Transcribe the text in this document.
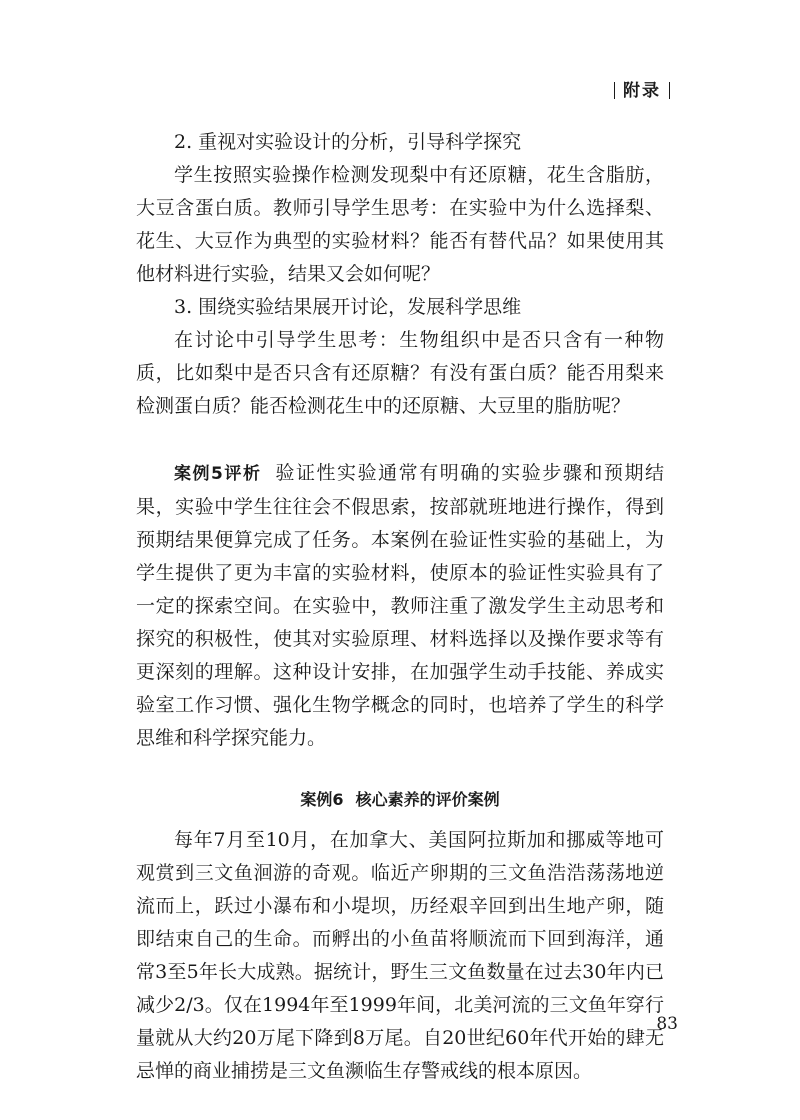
附录

2. 重视对实验设计的分析，引导科学探究

学生按照实验操作检测发现梨中有还原糖，花生含脂肪，大豆含蛋白质。教师引导学生思考：在实验中为什么选择梨、花生、大豆作为典型的实验材料？能否有替代品？如果使用其他材料进行实验，结果又会如何呢？

3. 围绕实验结果展开讨论，发展科学思维

在讨论中引导学生思考：生物组织中是否只含有一种物质，比如梨中是否只含有还原糖？有没有蛋白质？能否用梨来检测蛋白质？能否检测花生中的还原糖、大豆里的脂肪呢？

案例5评析 验证性实验通常有明确的实验步骤和预期结果，实验中学生往往会不假思索，按部就班地进行操作，得到预期结果便算完成了任务。本案例在验证性实验的基础上，为学生提供了更为丰富的实验材料，使原本的验证性实验具有了一定的探索空间。在实验中，教师注重了激发学生主动思考和探究的积极性，使其对实验原理、材料选择以及操作要求等有更深刻的理解。这种设计安排，在加强学生动手技能、养成实验室工作习惯、强化生物学概念的同时，也培养了学生的科学思维和科学探究能力。

案例6 核心素养的评价案例

每年7月至10月，在加拿大、美国阿拉斯加和挪威等地可观赏到三文鱼洄游的奇观。临近产卵期的三文鱼浩浩荡荡地逆流而上，跃过小瀑布和小堤坝，历经艰辛回到出生地产卵，随即结束自己的生命。而孵出的小鱼苗将顺流而下回到海洋，通常3至5年长大成熟。据统计，野生三文鱼数量在过去30年内已减少2/3。仅在1994年至1999年间，北美河流的三文鱼年穿行量就从大约20万尾下降到8万尾。自20世纪60年代开始的肆无忌惮的商业捕捞是三文鱼濒临生存警戒线的根本原因。

83
